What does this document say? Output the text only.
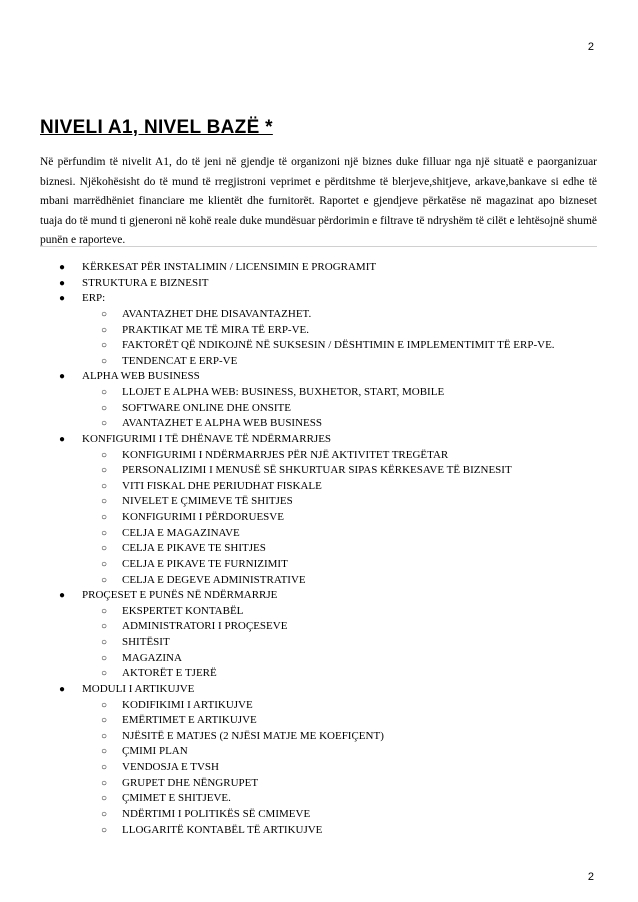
2
NIVELI A1, NIVEL BAZË *

Në përfundim të nivelit A1, do të jeni në gjendje të organizoni një biznes duke filluar nga një situatë e paorganizuar biznesi. Njëkohësisht do të mund të rregjistroni veprimet e përditshme të blerjeve,shitjeve, arkave,bankave si edhe të mbani marrëdhëniet financiare me klientët dhe furnitorët. Raportet e gjendjeve përkatëse në magazinat apo bizneset tuaja do të mund ti gjeneroni në kohë reale duke mundësuar përdorimin e filtrave të ndryshëm të cilët e lehtësojnë shumë punën e raporteve.

● KËRKESAT PËR INSTALIMIN / LICENSIMIN E PROGRAMIT
● STRUKTURA E BIZNESIT
● ERP:
○ AVANTAZHET DHE DISAVANTAZHET.
○ PRAKTIKAT ME TË MIRA TË ERP-VE.
○ FAKTORËT QË NDIKOJNË NË SUKSESIN / DËSHTIMIN E IMPLEMENTIMIT TË ERP-VE.
○ TENDENCAT E ERP-VE
● ALPHA WEB BUSINESS
○ LLOJET E ALPHA WEB: BUSINESS, BUXHETOR, START, MOBILE
○ SOFTWARE ONLINE DHE ONSITE
○ AVANTAZHET E ALPHA WEB BUSINESS
● KONFIGURIMI I TË DHËNAVE TË NDËRMARRJES
○ KONFIGURIMI I NDËRMARRJES PËR NJË AKTIVITET TREGËTAR
○ PERSONALIZIMI I MENUSË SË SHKURTUAR SIPAS KËRKESAVE TË BIZNESIT
○ VITI FISKAL DHE PERIUDHAT FISKALE
○ NIVELET E ÇMIMEVE TË SHITJES
○ KONFIGURIMI I PËRDORUESVE
○ CELJA E MAGAZINAVE
○ CELJA E PIKAVE TE SHITJES
○ CELJA E PIKAVE TE FURNIZIMIT
○ CELJA E DEGEVE ADMINISTRATIVE
● PROÇESET E PUNËS NË NDËRMARRJE
○ EKSPERTET KONTABËL
○ ADMINISTRATORI I PROÇESEVE
○ SHITËSIT
○ MAGAZINA
○ AKTORËT E TJERË
● MODULI I ARTIKUJVE
○ KODIFIKIMI I ARTIKUJVE
○ EMËRTIMET E ARTIKUJVE
○ NJËSITË E MATJES (2 NJËSI MATJE ME KOEFIÇENT)
○ ÇMIMI PLAN
○ VENDOSJA E TVSH
○ GRUPET DHE NËNGRUPET
○ ÇMIMET E SHITJEVE.
○ NDËRTIMI I POLITIKËS SË CMIMEVE
○ LLOGARITË KONTABËL TË ARTIKUJVE
2
